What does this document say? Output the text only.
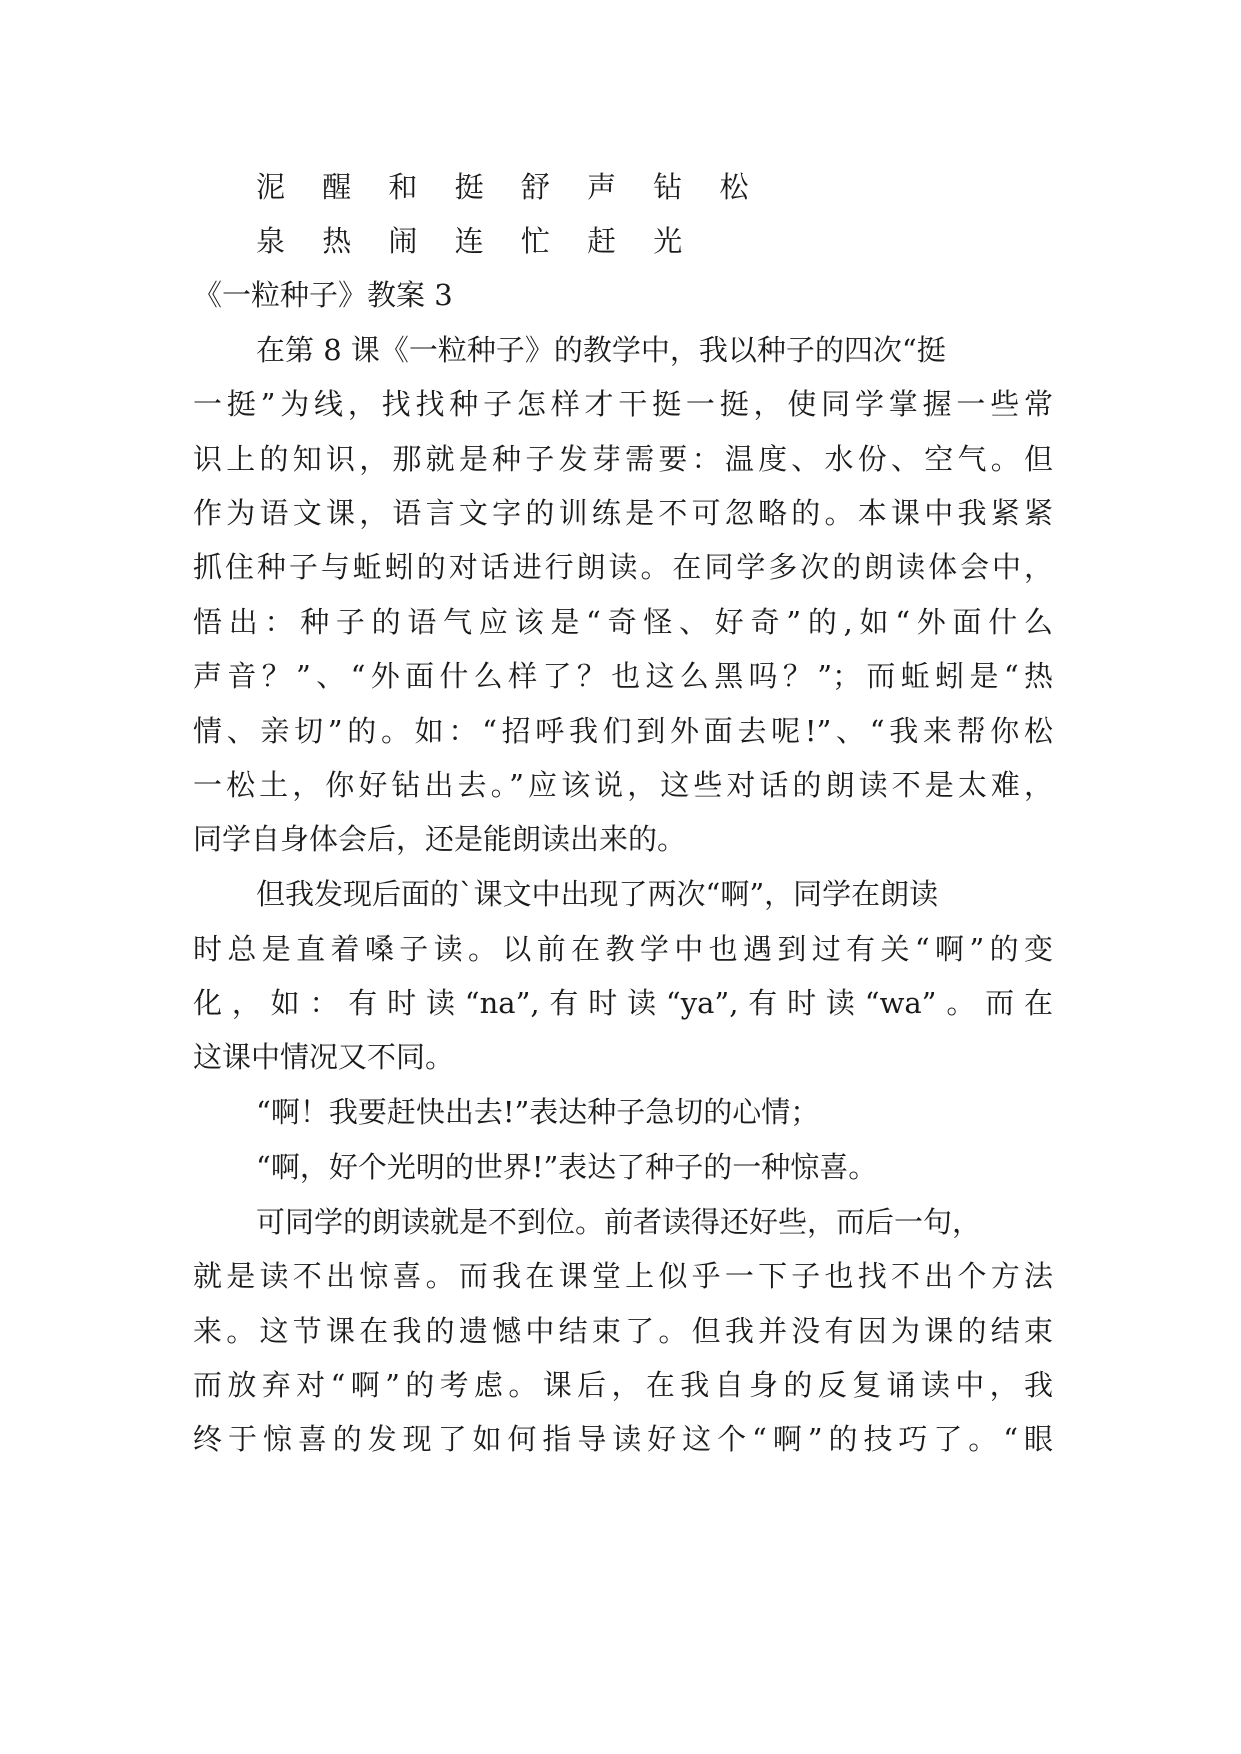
泥 醒 和 挺 舒 声 钻 松

泉 热 闹 连 忙 赶 光

《一粒种子》教案 3

在第 8 课《一粒种子》的教学中，我以种子的四次“挺

一挺”为线，找找种子怎样才干挺一挺，使同学掌握一些常

识上的知识，那就是种子发芽需要：温度、水份、空气。但

作为语文课，语言文字的训练是不可忽略的。本课中我紧紧

抓住种子与蚯蚓的对话进行朗读。在同学多次的朗读体会中，

悟出：种子的语气应该是“奇怪、好奇”的,如“外面什么

声音？”、“外面什么样了？也这么黑吗？”；而蚯蚓是“热

情、亲切”的。如：“招呼我们到外面去呢!”、“我来帮你松

一松土，你好钻出去。”应该说，这些对话的朗读不是太难，

同学自身体会后，还是能朗读出来的。

但我发现后面的`课文中出现了两次“啊”，同学在朗读

时总是直着嗓子读。以前在教学中也遇到过有关“啊”的变

化，如：有时读“na”,有时读“ya”,有时读“wa”。而在

这课中情况又不同。

“啊！我要赶快出去!”表达种子急切的心情；

“啊，好个光明的世界!”表达了种子的一种惊喜。

可同学的朗读就是不到位。前者读得还好些，而后一句，

就是读不出惊喜。而我在课堂上似乎一下子也找不出个方法

来。这节课在我的遗憾中结束了。但我并没有因为课的结束

而放弃对“啊”的考虑。课后，在我自身的反复诵读中，我

终于惊喜的发现了如何指导读好这个“啊”的技巧了。“眼
